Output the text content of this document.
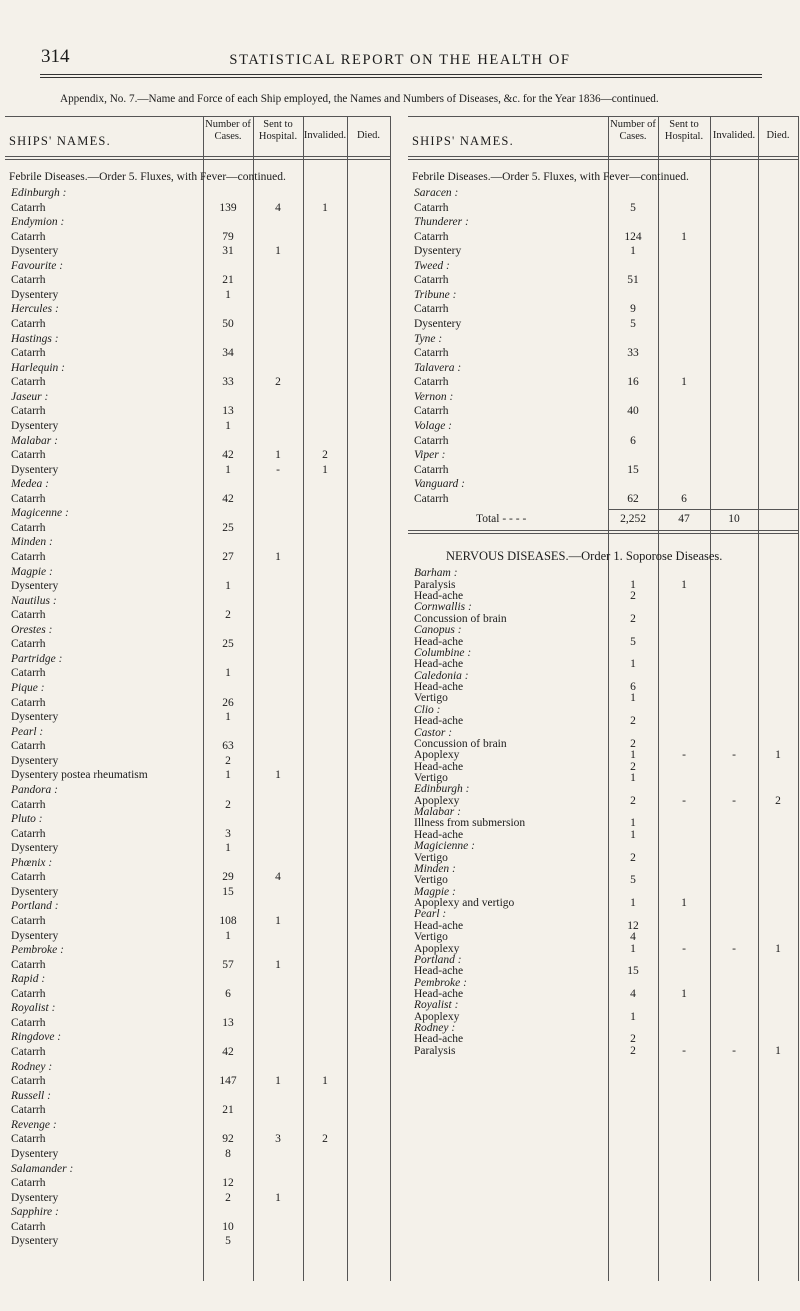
314	STATISTICAL REPORT ON THE HEALTH OF
Appendix, No. 7.—Name and Force of each Ship employed, the Names and Numbers of Diseases, &c. for the Year 1836—continued.
SHIPS' NAMES.
Number of Cases.
Sent to Hospital. Invalided.	Died.
Febrile Diseases.—Order 5. Fluxes, with Fever—continued.
Edinburgh :
Catarrh	139	4	1
Endymion :
Catarrh	79
Dysentery	31	1
Favourite :
Catarrh	21
Dysentery	1
Hercules :
Catarrh	50
Hastings :
Catarrh	34
Harlequin :
Catarrh	33	2
Jaseur :
Catarrh	13
Dysentery	1
Malabar :
Catarrh	42	1	2
Dysentery	1	-	1
Medea :
Catarrh	42
Magicenne :
Catarrh	25
Minden :
Catarrh	27	1
Magpie :
Dysentery	1
Nautilus :
Catarrh	2
Orestes :
Catarrh	25
Partridge :
Catarrh	1
Pique :
Catarrh	26
Dysentery	1
Pearl :
Catarrh	63
Dysentery	2
Dysentery postea rheumatism	1	1
Pandora :
Catarrh	2
Pluto :
Catarrh	3
Dysentery	1
Phœnix :
Catarrh	29	4
Dysentery	15
Portland :
Catarrh	108	1
Dysentery	1
Pembroke :
Catarrh	57	1
Rapid :
Catarrh	6
Royalist :
Catarrh	13
Ringdove :
Catarrh	42
Rodney :
Catarrh	147	1	1
Russell :
Catarrh	21
Revenge :
Catarrh	92	3	2
Dysentery	8
Salamander :
Catarrh	12
Dysentery	2	1
Sapphire :
Catarrh	10
Dysentery	5
SHIPS' NAMES.
Number of Cases.
Sent to Hospital. Invalided.	Died.
Febrile Diseases.—Order 5. Fluxes, with Fever—continued.
Saracen :
Catarrh	5
Thunderer :
Catarrh	124	1
Dysentery	1
Tweed :
Catarrh	51
Tribune :
Catarrh	9
Dysentery	5
Tyne :
Catarrh	33
Talavera :
Catarrh	16	1
Vernon :
Catarrh	40
Volage :
Catarrh	6
Viper :
Catarrh	15
Vanguard :
Catarrh	62	6
Total - - - -	2,252	47	10
NERVOUS DISEASES.—Order 1. Soporose Diseases.
Barham :
Paralysis	1	1
Head-ache	2
Cornwallis :
Concussion of brain	2
Canopus :
Head-ache	5
Columbine :
Head-ache	1
Caledonia :
Head-ache	6
Vertigo	1
Clio :
Head-ache	2
Castor :
Concussion of brain	2
Apoplexy	1	-	-	1
Head-ache	2
Vertigo	1
Edinburgh :
Apoplexy	2	-	-	2
Malabar :
Illness from submersion	1
Head-ache	1
Magicienne :
Vertigo	2
Minden :
Vertigo	5
Magpie :
Apoplexy and vertigo	1	1
Pearl :
Head-ache	12
Vertigo	4
Apoplexy	1	-	-	1
Portland :
Head-ache	15
Pembroke :
Head-ache	4	1
Royalist :
Apoplexy	1
Rodney :
Head-ache	2
Paralysis	2	-	-	1
